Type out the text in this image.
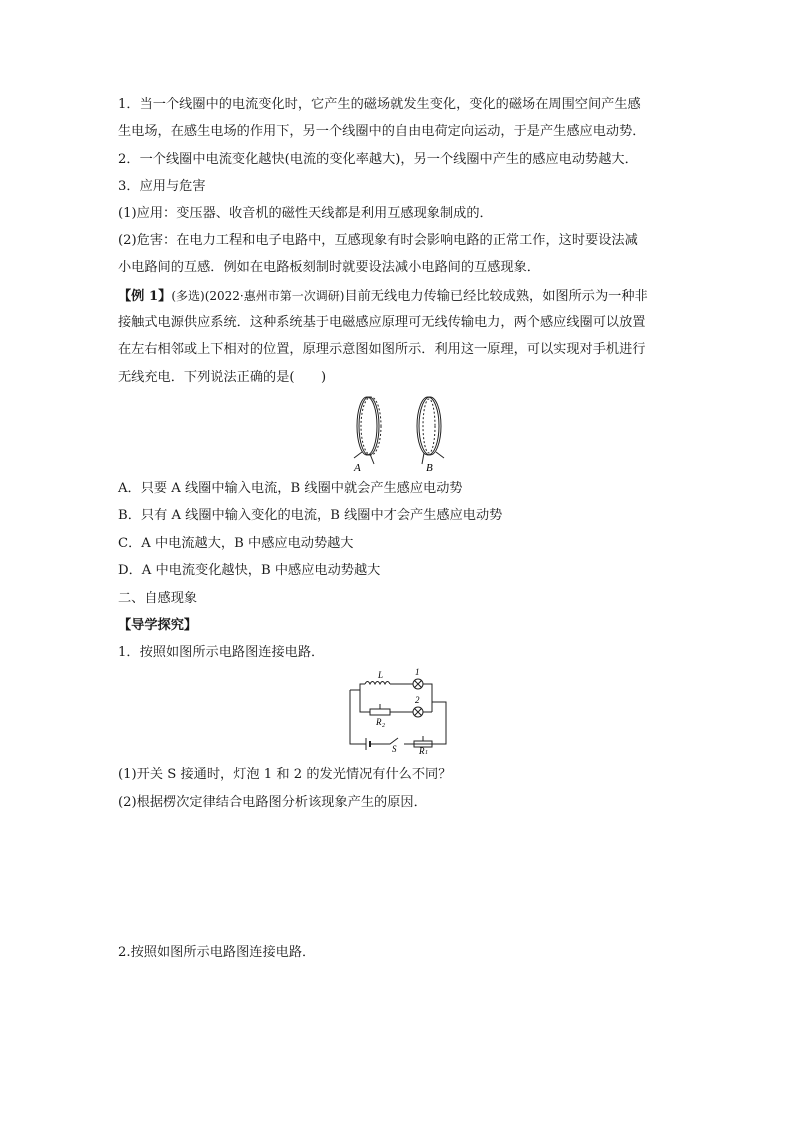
1．当一个线圈中的电流变化时，它产生的磁场就发生变化，变化的磁场在周围空间产生感
生电场，在感生电场的作用下，另一个线圈中的自由电荷定向运动，于是产生感应电动势．
2．一个线圈中电流变化越快(电流的变化率越大)，另一个线圈中产生的感应电动势越大．
3．应用与危害
(1)应用：变压器、收音机的磁性天线都是利用互感现象制成的．
(2)危害：在电力工程和电子电路中，互感现象有时会影响电路的正常工作，这时要设法减
小电路间的互感．例如在电路板刻制时就要设法减小电路间的互感现象．
【例 1】(多选)(2022·惠州市第一次调研)目前无线电力传输已经比较成熟，如图所示为一种非
接触式电源供应系统．这种系统基于电磁感应原理可无线传输电力，两个感应线圈可以放置
在左右相邻或上下相对的位置，原理示意图如图所示．利用这一原理，可以实现对手机进行
无线充电．下列说法正确的是(　　)
A	B
A．只要 A 线圈中输入电流，B 线圈中就会产生感应电动势
B．只有 A 线圈中输入变化的电流，B 线圈中才会产生感应电动势
C．A 中电流越大，B 中感应电动势越大
D．A 中电流变化越快，B 中感应电动势越大
二、自感现象
【导学探究】
1．按照如图所示电路图连接电路．
L	1
2
R 2
S	R 1
(1)开关 S 接通时，灯泡 1 和 2 的发光情况有什么不同？
(2)根据楞次定律结合电路图分析该现象产生的原因．
2.按照如图所示电路图连接电路．
